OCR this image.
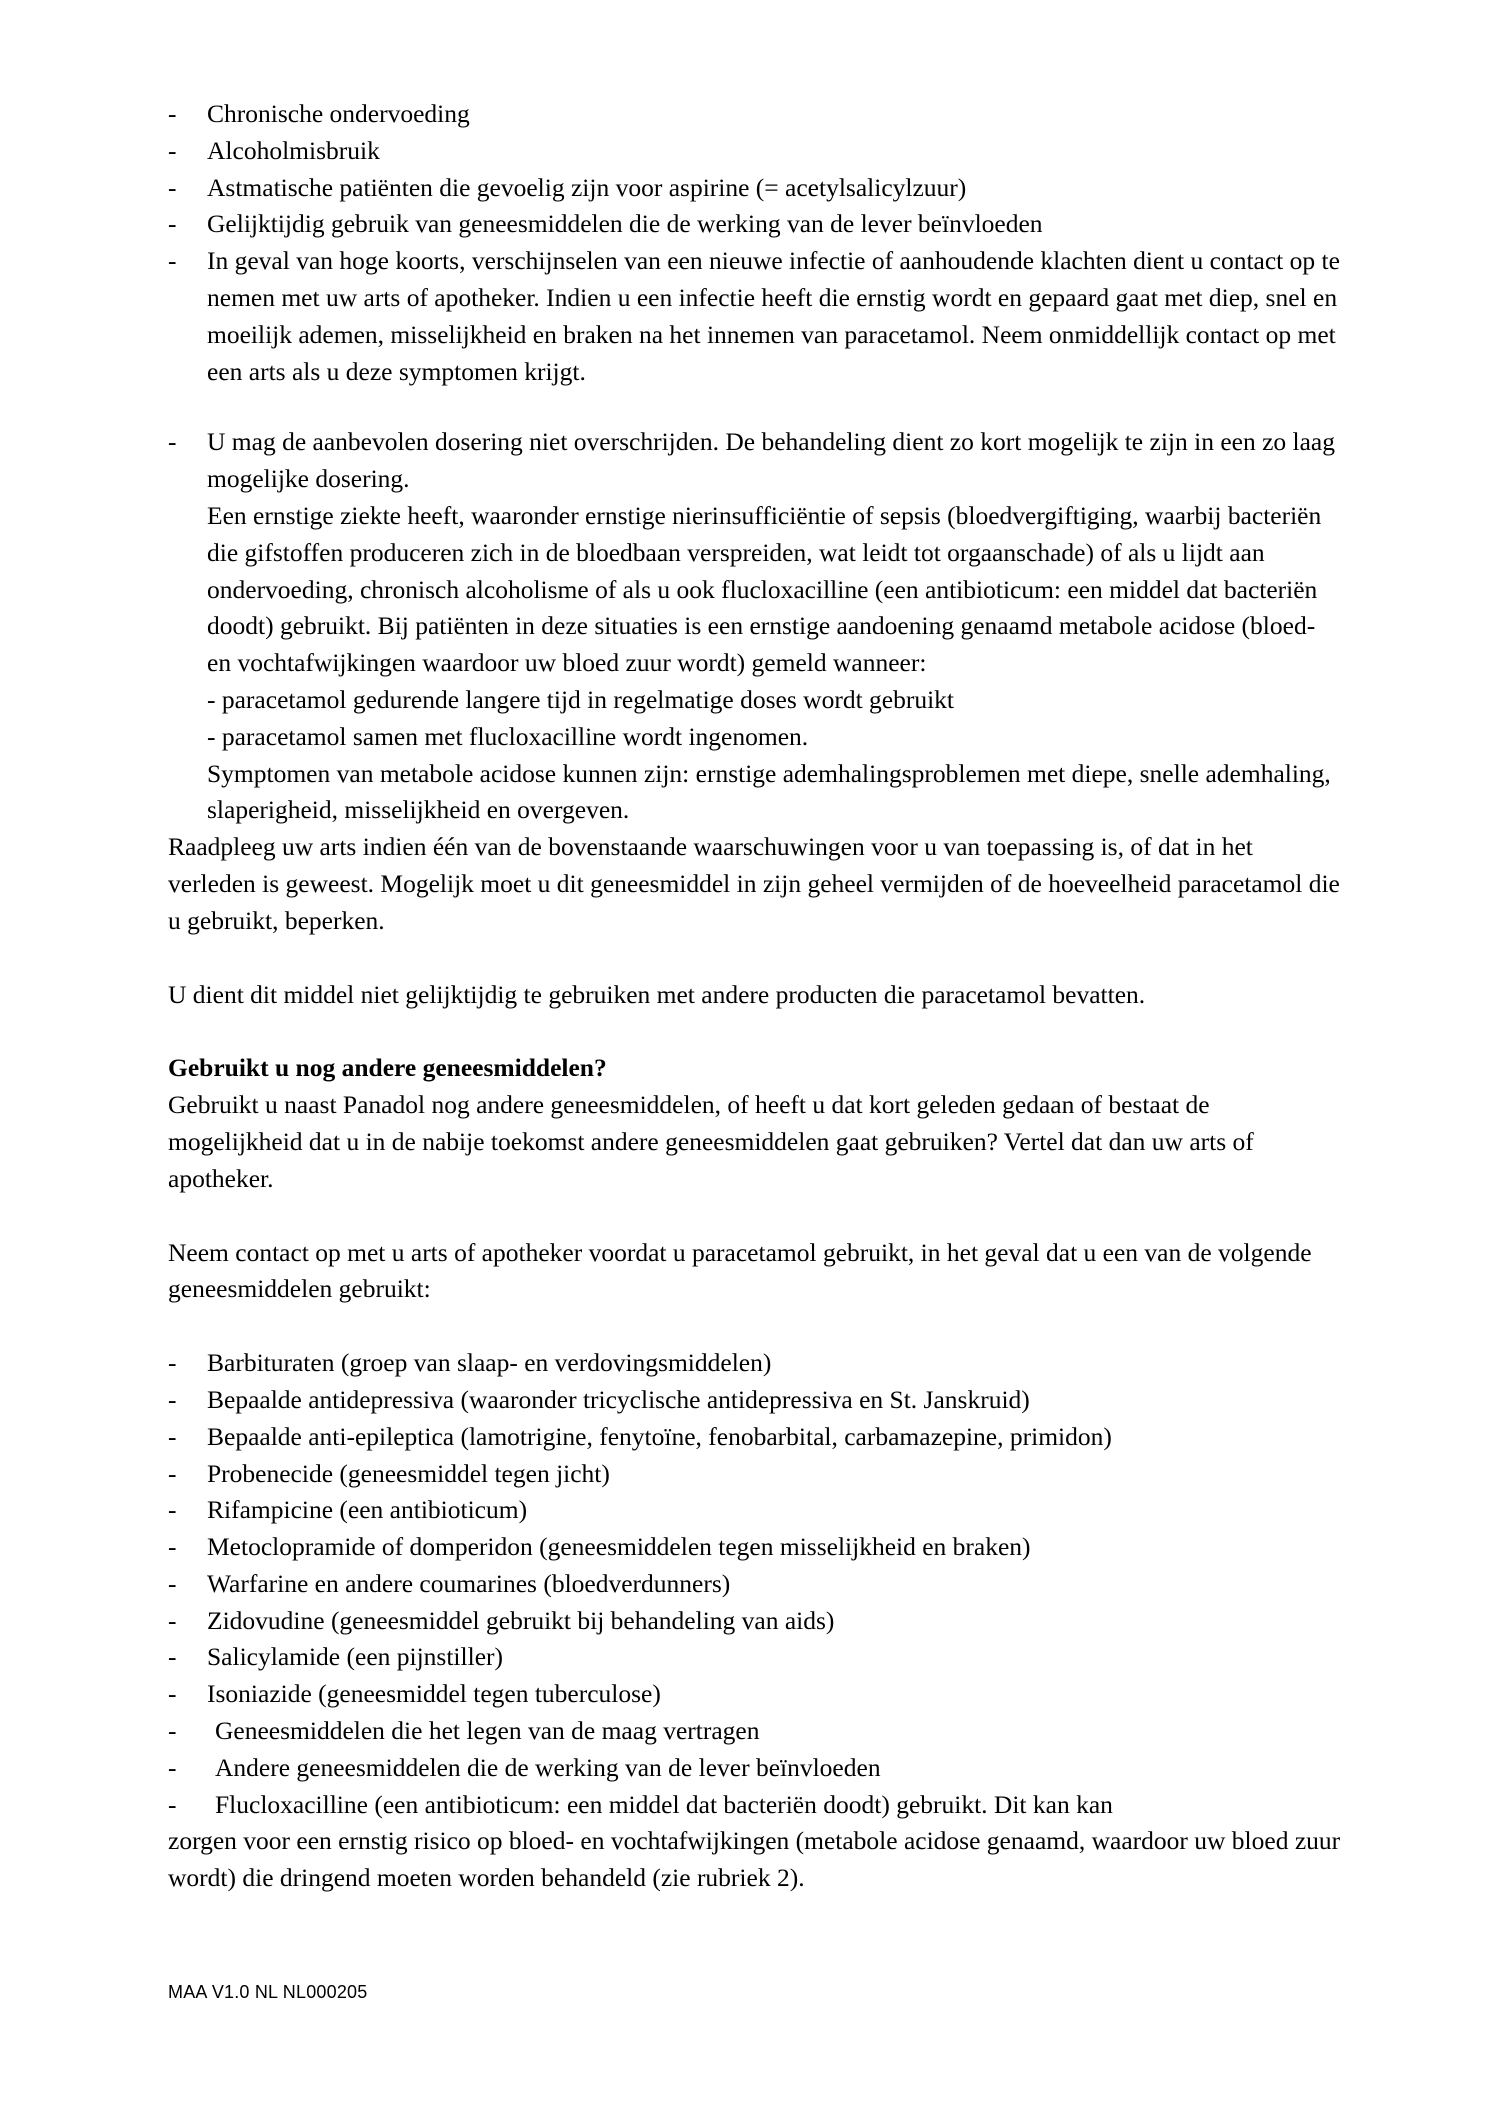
-	Chronische ondervoeding
-	Alcoholmisbruik
-	Astmatische patiënten die gevoelig zijn voor aspirine (= acetylsalicylzuur)
-	Gelijktijdig gebruik van geneesmiddelen die de werking van de lever beïnvloeden
-	In geval van hoge koorts, verschijnselen van een nieuwe infectie of aanhoudende klachten dient u contact op te nemen met uw arts of apotheker. Indien u een infectie heeft die ernstig wordt en gepaard gaat met diep, snel en moeilijk ademen, misselijkheid en braken na het innemen van paracetamol. Neem onmiddellijk contact op met een arts als u deze symptomen krijgt.
- U mag de aanbevolen dosering niet overschrijden. De behandeling dient zo kort mogelijk te zijn in een zo laag mogelijke dosering.

Een ernstige ziekte heeft, waaronder ernstige nierinsufficiëntie of sepsis (bloedvergiftiging, waarbij bacteriën die gifstoffen produceren zich in de bloedbaan verspreiden, wat leidt tot orgaanschade) of als u lijdt aan ondervoeding, chronisch alcoholisme of als u ook flucloxacilline (een antibioticum: een middel dat bacteriën doodt) gebruikt. Bij patiënten in deze situaties is een ernstige aandoening genaamd metabole acidose (bloed- en vochtafwijkingen waardoor uw bloed zuur wordt) gemeld wanneer:

- paracetamol gedurende langere tijd in regelmatige doses wordt gebruikt

- paracetamol samen met flucloxacilline wordt ingenomen.

Symptomen van metabole acidose kunnen zijn: ernstige ademhalingsproblemen met diepe, snelle ademhaling, slaperigheid, misselijkheid en overgeven.

Raadpleeg uw arts indien één van de bovenstaande waarschuwingen voor u van toepassing is, of dat in het verleden is geweest. Mogelijk moet u dit geneesmiddel in zijn geheel vermijden of de hoeveelheid paracetamol die u gebruikt, beperken.

U dient dit middel niet gelijktijdig te gebruiken met andere producten die paracetamol bevatten.

Gebruikt u nog andere geneesmiddelen?

Gebruikt u naast Panadol nog andere geneesmiddelen, of heeft u dat kort geleden gedaan of bestaat de mogelijkheid dat u in de nabije toekomst andere geneesmiddelen gaat gebruiken? Vertel dat dan uw arts of apotheker.

Neem contact op met u arts of apotheker voordat u paracetamol gebruikt, in het geval dat u een van de volgende geneesmiddelen gebruikt:

-	Barbituraten (groep van slaap- en verdovingsmiddelen)
-	Bepaalde antidepressiva (waaronder tricyclische antidepressiva en St. Janskruid)
-	Bepaalde anti-epileptica (lamotrigine, fenytoïne, fenobarbital, carbamazepine, primidon)
-	Probenecide (geneesmiddel tegen jicht)
-	Rifampicine (een antibioticum)
-	Metoclopramide of domperidon (geneesmiddelen tegen misselijkheid en braken)
-	Warfarine en andere coumarines (bloedverdunners)
-	Zidovudine (geneesmiddel gebruikt bij behandeling van aids)
-	Salicylamide (een pijnstiller)
-	Isoniazide (geneesmiddel tegen tuberculose)
-	Geneesmiddelen die het legen van de maag vertragen
-	Andere geneesmiddelen die de werking van de lever beïnvloeden
-	Flucloxacilline (een antibioticum: een middel dat bacteriën doodt) gebruikt. Dit kan kan

zorgen voor een ernstig risico op bloed- en vochtafwijkingen (metabole acidose genaamd, waardoor uw bloed zuur wordt) die dringend moeten worden behandeld (zie rubriek 2).

MAA V1.0 NL NL000205
